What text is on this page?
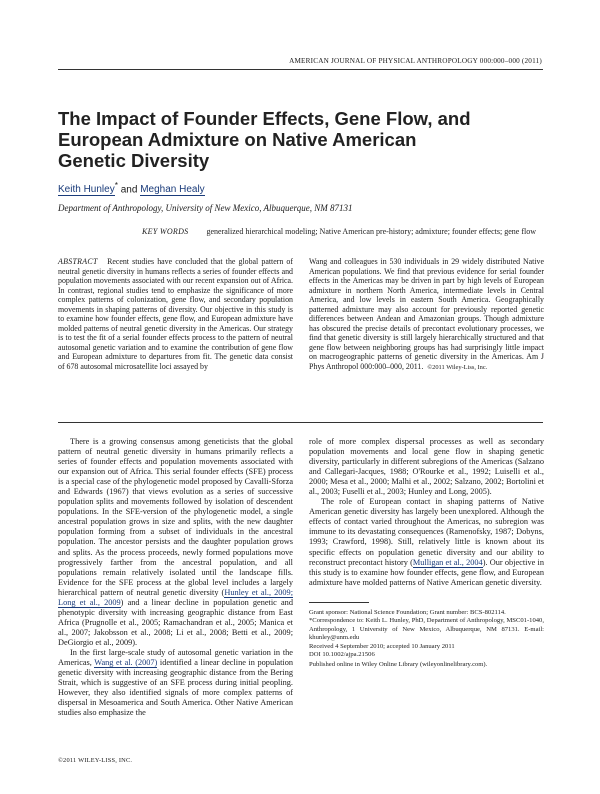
AMERICAN JOURNAL OF PHYSICAL ANTHROPOLOGY 000:000–000 (2011)
The Impact of Founder Effects, Gene Flow, and European Admixture on Native American Genetic Diversity
Keith Hunley* and Meghan Healy
Department of Anthropology, University of New Mexico, Albuquerque, NM 87131
KEY WORDS generalized hierarchical modeling; Native American pre-history; admixture; founder effects; gene flow
ABSTRACT Recent studies have concluded that the global pattern of neutral genetic diversity in humans reflects a series of founder effects and population movements associated with our recent expansion out of Africa. In contrast, regional studies tend to emphasize the significance of more complex patterns of colonization, gene flow, and secondary population movements in shaping patterns of diversity. Our objective in this study is to examine how founder effects, gene flow, and European admixture have molded patterns of neutral genetic diversity in the Americas. Our strategy is to test the fit of a serial founder effects process to the pattern of neutral autosomal genetic variation and to examine the contribution of gene flow and European admixture to departures from fit. The genetic data consist of 678 autosomal microsatellite loci assayed by
Wang and colleagues in 530 individuals in 29 widely distributed Native American populations. We find that previous evidence for serial founder effects in the Americas may be driven in part by high levels of European admixture in northern North America, intermediate levels in Central America, and low levels in eastern South America. Geographically patterned admixture may also account for previously reported genetic differences between Andean and Amazonian groups. Though admixture has obscured the precise details of precontact evolutionary processes, we find that genetic diversity is still largely hierarchically structured and that gene flow between neighboring groups has had surprisingly little impact on macrogeographic patterns of genetic diversity in the Americas. Am J Phys Anthropol 000:000–000, 2011. ©2011 Wiley-Liss, Inc.

There is a growing consensus among geneticists that the global pattern of neutral genetic diversity in humans primarily reflects a series of founder effects and population movements associated with our expansion out of Africa. This serial founder effects (SFE) process is a special case of the phylogenetic model proposed by Cavalli-Sforza and Edwards (1967) that views evolution as a series of successive population splits and movements followed by isolation of descendent populations. In the SFE-version of the phylogenetic model, a single ancestral population grows in size and splits, with the new daughter population forming from a subset of individuals in the ancestral population. The ancestor persists and the daughter population grows and splits. As the process proceeds, newly formed populations move progressively farther from the ancestral population, and all populations remain relatively isolated until the landscape fills. Evidence for the SFE process at the global level includes a largely hierarchical pattern of neutral genetic diversity (Hunley et al., 2009; Long et al., 2009) and a linear decline in population genetic and phenotypic diversity with increasing geographic distance from East Africa (Prugnolle et al., 2005; Ramachandran et al., 2005; Manica et al., 2007; Jakobsson et al., 2008; Li et al., 2008; Betti et al., 2009; DeGiorgio et al., 2009).

In the first large-scale study of autosomal genetic variation in the Americas, Wang et al. (2007) identified a linear decline in population genetic diversity with increasing geographic distance from the Bering Strait, which is suggestive of an SFE process during initial peopling. However, they also identified signals of more complex patterns of dispersal in Mesoamerica and South America. Other Native American studies also emphasize the

role of more complex dispersal processes as well as secondary population movements and local gene flow in shaping genetic diversity, particularly in different subregions of the Americas (Salzano and Callegari-Jacques, 1988; O'Rourke et al., 1992; Luiselli et al., 2000; Mesa et al., 2000; Malhi et al., 2002; Salzano, 2002; Bortolini et al., 2003; Fuselli et al., 2003; Hunley and Long, 2005).

The role of European contact in shaping patterns of Native American genetic diversity has largely been unexplored. Although the effects of contact varied throughout the Americas, no subregion was immune to its devastating consequences (Ramenofsky, 1987; Dobyns, 1993; Crawford, 1998). Still, relatively little is known about its specific effects on population genetic diversity and our ability to reconstruct precontact history (Mulligan et al., 2004). Our objective in this study is to examine how founder effects, gene flow, and European admixture have molded patterns of Native American genetic diversity.

Grant sponsor: National Science Foundation; Grant number: BCS-802114.

*Correspondence to: Keith L. Hunley, PhD, Department of Anthropology, MSC01-1040, Anthropology, 1 University of New Mexico, Albuquerque, NM 87131. E-mail: khunley@unm.edu

Received 4 September 2010; accepted 10 January 2011

DOI 10.1002/ajpa.21506

Published online in Wiley Online Library (wileyonlinelibrary.com).

©2011 WILEY-LISS, INC.
